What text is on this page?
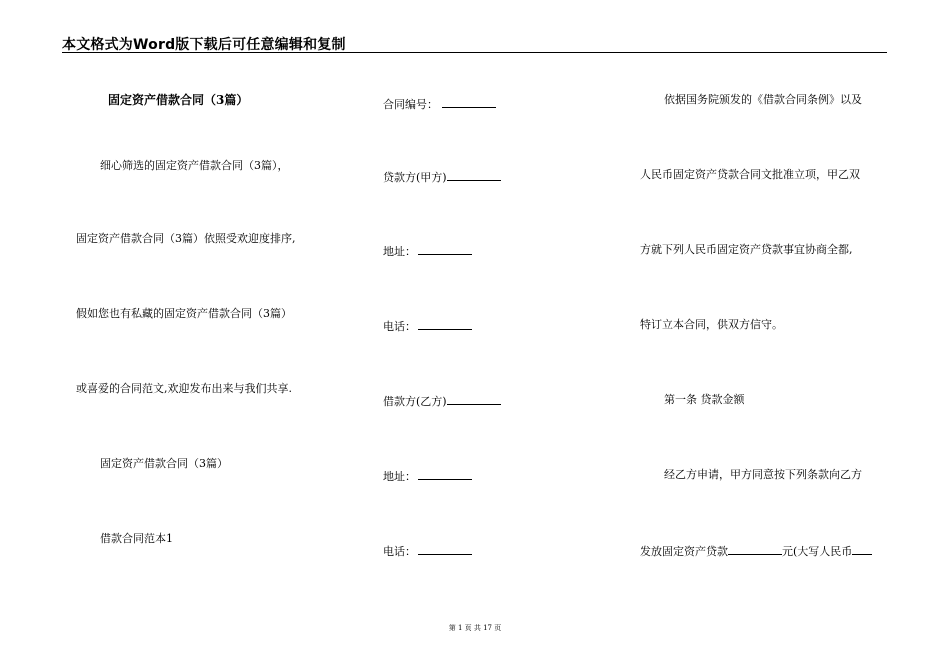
本文格式为Word版下载后可任意编辑和复制
固定资产借款合同（3篇）
细心筛选的固定资产借款合同（3篇），
固定资产借款合同（3篇）依照受欢迎度排序,
假如您也有私藏的固定资产借款合同（3篇）
或喜爱的合同范文,欢迎发布出来与我们共享.
固定资产借款合同（3篇）
借款合同范本1
合同编号：
贷款方(甲方)
地址：
电话：
借款方(乙方)
地址：
电话：
依据国务院颁发的《借款合同条例》以及
人民币固定资产贷款合同文批准立项，甲乙双
方就下列人民币固定资产贷款事宜协商全都,
特订立本合同，供双方信守。
第一条 贷款金额
经乙方申请，甲方同意按下列条款向乙方
发放固定资产贷款	元(大写人民币
第 1 页 共 17 页
